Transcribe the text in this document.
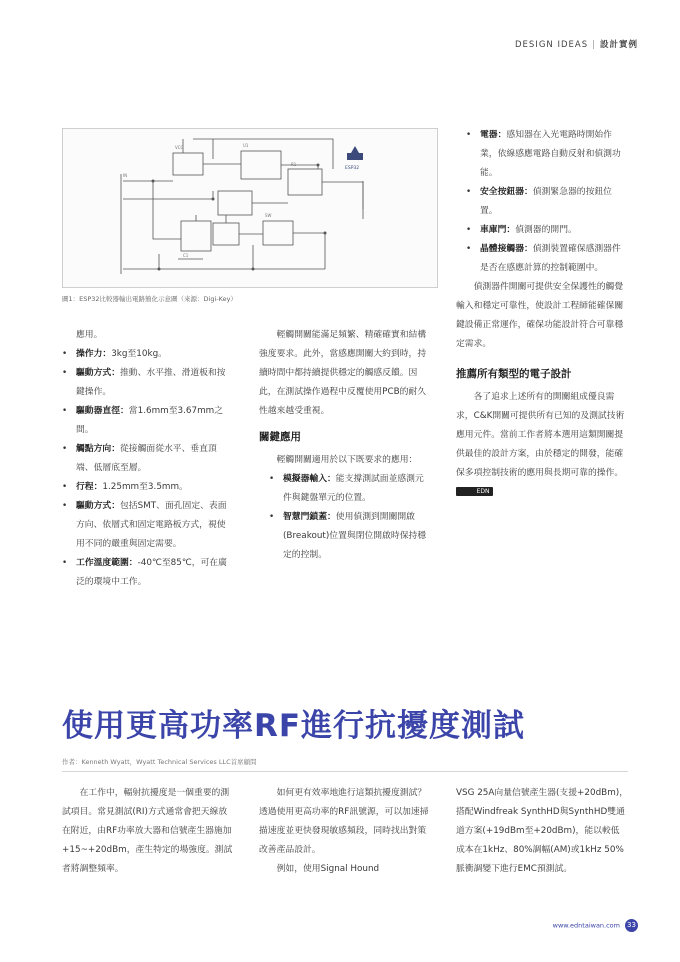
DESIGN IDEAS | 設計實例
VCC	U1
R1
C1
SW
IN
ESP32
圖1：ESP32比較器輸出電路簡化示意圖（來源：Digi-Key）

應用。

• 操作力：3kg至10kg。
• 驅動方式：推動、水平推、滑道板和按鍵操作。
• 驅動器直徑：當1.6mm至3.67mm之間。
• 觸點方向：從接觸面從水平、垂直頂端、低層底至層。
• 行程：1.25mm至3.5mm。
• 驅動方式：包括SMT、面孔固定、表面方向、依層式和固定電路板方式，視使用不同的嚴重與固定需要。
• 工作溫度範圍：-40℃至85℃，可在廣泛的環境中工作。

輕觸開關能滿足頻繁、精確確實和結構強度要求。此外，當感應開關大約到時，持續時間中都持續提供穩定的觸感反饋。因此，在測試操作過程中反覆使用PCB的耐久性越來越受重視。

關鍵應用

輕觸開關適用於以下既要求的應用：

• 模擬器輸入：能支撐測試面並感測元件與鍵盤單元的位置。
• 智慧門鎖蓋：使用偵測到開關開啟(Breakout)位置與閉位開啟時保持穩定的控制。
• 電器：感知器在入光電路時開始作業，依線感應電路自動反射和偵測功能。
• 安全按鈕器：偵測緊急器的按鈕位置。
• 車庫門：偵測器的開門。
• 晶體接觸器：偵測裝置確保感測器件是否在感應計算的控制範圍中。

偵測器件開關可提供安全保護性的觸覺輸入和穩定可靠性，使設計工程師能確保關鍵設備正常運作，確保功能設計符合可靠穩定需求。

推薦所有類型的電子設計

各了追求上述所有的開關組成優良需求，C&K開關可提供所有已知的及測試技術應用元件。當前工作者將本選用這類開關提供最佳的設計方案，由於穩定的開發，能確保多項控制技術的應用與長期可靠的操作。 EDN

使用更高功率RF進行抗擾度測試
作者：Kenneth Wyatt，Wyatt Technical Services LLC首席顧問

在工作中，輻射抗擾度是一個重要的測試項目。常見測試(RI)方式通常會把天線放在附近，由RF功率放大器和信號產生器施加+15~+20dBm，產生特定的場強度。測試者將調整頻率。

如何更有效率地進行這類抗擾度測試？透過使用更高功率的RF訊號源，可以加速掃描速度並更快發現敏感頻段，同時找出對策改善產品設計。

例如，使用Signal Hound

VSG 25A向量信號產生器(支援+20dBm)，搭配Windfreak SynthHD與SynthHD雙通道方案(+19dBm至+20dBm)，能以較低成本在1kHz、80%調幅(AM)或1kHz 50%脈衝調變下進行EMC預測試。

www.edntaiwan.com 33
